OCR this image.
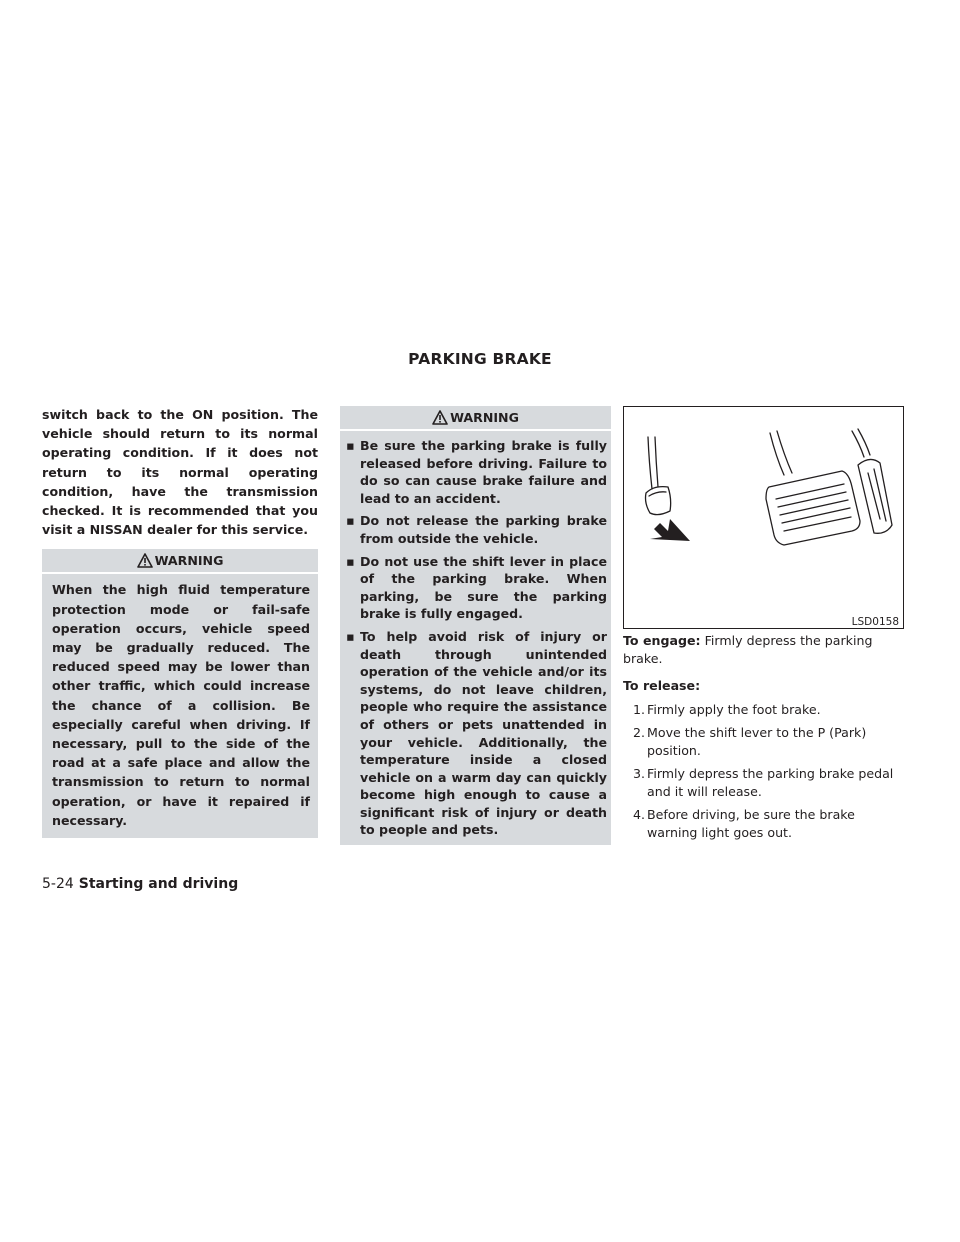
PARKING BRAKE

switch back to the ON position. The vehicle should return to its normal operating condition. If it does not return to its normal operating condition, have the transmission checked. It is recommended that you visit a NISSAN dealer for this service.

WARNING

When the high fluid temperature protection mode or fail-safe operation occurs, vehicle speed may be gradually reduced. The reduced speed may be lower than other traffic, which could increase the chance of a collision. Be especially careful when driving. If necessary, pull to the side of the road at a safe place and allow the transmission to return to normal operation, or have it repaired if necessary.

WARNING
▪ Be sure the parking brake is fully released before driving. Failure to do so can cause brake failure and lead to an accident.
▪ Do not release the parking brake from outside the vehicle.
▪ Do not use the shift lever in place of the parking brake. When parking, be sure the parking brake is fully engaged.
▪ To help avoid risk of injury or death through unintended operation of the vehicle and/or its systems, do not leave children, people who require the assistance of others or pets unattended in your vehicle. Additionally, the temperature inside a closed vehicle on a warm day can quickly become high enough to cause a significant risk of injury or death to people and pets.
LSD0158

To engage: Firmly depress the parking brake.

To release:

1. Firmly apply the foot brake.
2. Move the shift lever to the P (Park) position.
3. Firmly depress the parking brake pedal and it will release.
4. Before driving, be sure the brake warning light goes out.
5-24 Starting and driving
